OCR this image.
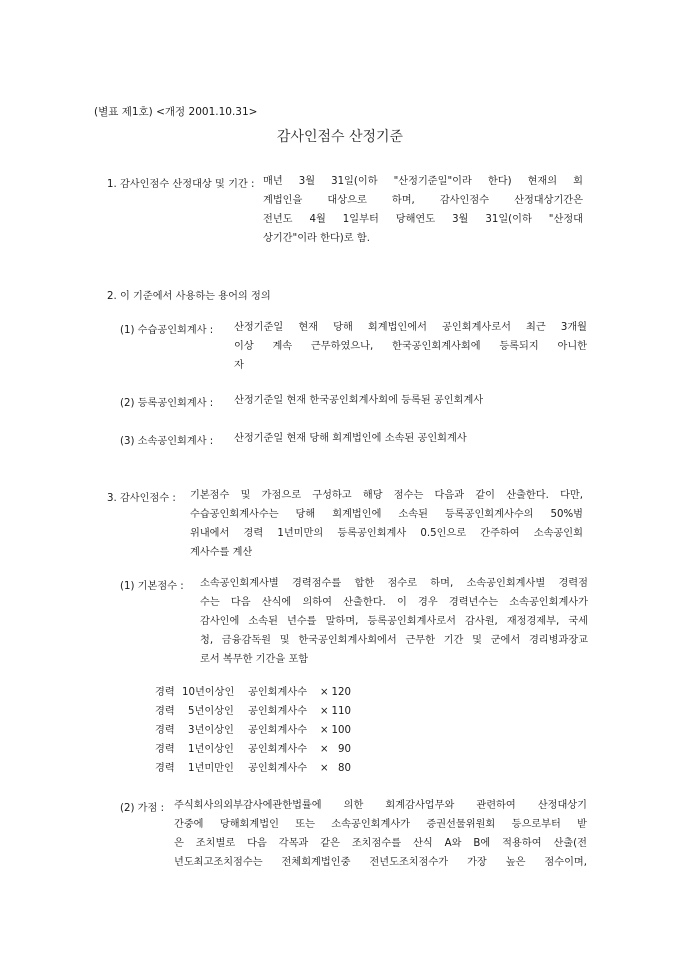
(별표 제1호) <개정 2001.10.31>
감사인점수 산정기준
1. 감사인점수 산정대상 및 기간 : 매년 3월 31일(이하 "산정기준일"이라 한다) 현재의 회
계법인을 대상으로 하며, 감사인점수 산정대상기간은
전년도 4월 1일부터 당해연도 3월 31일(이하 "산정대
상기간"이라 한다)로 함.
2. 이 기준에서 사용하는 용어의 정의
(1) 수습공인회계사 : 산정기준일 현재 당해 회계법인에서 공인회계사로서 최근 3개월
이상 계속 근무하였으나, 한국공인회계사회에 등록되지 아니한
자
(2) 등록공인회계사 : 산정기준일 현재 한국공인회계사회에 등록된 공인회계사
(3) 소속공인회계사 : 산정기준일 현재 당해 회계법인에 소속된 공인회계사
3. 감사인점수 : 기본점수 및 가점으로 구성하고 해당 점수는 다음과 같이 산출한다. 다만,
수습공인회계사수는 당해 회계법인에 소속된 등록공인회계사수의 50%범
위내에서 경력 1년미만의 등록공인회계사 0.5인으로 간주하여 소속공인회
계사수를 계산
(1) 기본점수 : 소속공인회계사별 경력점수를 합한 점수로 하며, 소속공인회계사별 경력점
수는 다음 산식에 의하여 산출한다. 이 경우 경력년수는 소속공인회계사가
감사인에 소속된 년수를 말하며, 등록공인회계사로서 감사원, 재정경제부, 국세
청, 금융감독원 및 한국공인회계사회에서 근무한 기간 및 군에서 경리병과장교
로서 복무한 기간을 포함
경력 10년이상인 공인회계사수 × 120
경력 5년이상인 공인회계사수 × 110
경력 3년이상인 공인회계사수 × 100
경력 1년이상인 공인회계사수 × 90
경력 1년미만인 공인회계사수 × 80
(2) 가점 : 주식회사의외부감사에관한법률에 의한 회계감사업무와 관련하여 산정대상기
간중에 당해회계법인 또는 소속공인회계사가 증권선물위원회 등으로부터 받
은 조치별로 다음 각목과 같은 조치점수를 산식 A와 B에 적용하여 산출(전
년도최고조치점수는 전체회계법인중 전년도조치점수가 가장 높은 점수이며,
